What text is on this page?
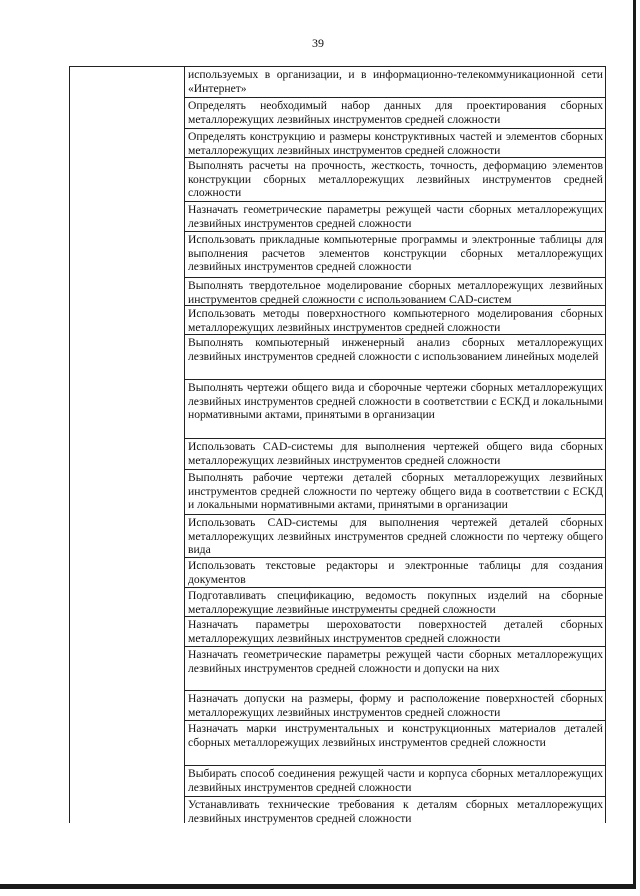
39
используемых в организации, и в информационно-телекоммуникационной сети «Интернет»
Определять необходимый набор данных для проектирования сборных металлорежущих лезвийных инструментов средней сложности
Определять конструкцию и размеры конструктивных частей и элементов сборных металлорежущих лезвийных инструментов средней сложности
Выполнять расчеты на прочность, жесткость, точность, деформацию элементов конструкции сборных металлорежущих лезвийных инструментов средней сложности
Назначать геометрические параметры режущей части сборных металлорежущих лезвийных инструментов средней сложности
Использовать прикладные компьютерные программы и электронные таблицы для выполнения расчетов элементов конструкции сборных металлорежущих лезвийных инструментов средней сложности
Выполнять твердотельное моделирование сборных металлорежущих лезвийных инструментов средней сложности с использованием CAD-систем
Использовать методы поверхностного компьютерного моделирования сборных металлорежущих лезвийных инструментов средней сложности
Выполнять компьютерный инженерный анализ сборных металлорежущих лезвийных инструментов средней сложности с использованием линейных моделей
Выполнять чертежи общего вида и сборочные чертежи сборных металлорежущих лезвийных инструментов средней сложности в соответствии с ЕСКД и локальными нормативными актами, принятыми в организации
Использовать CAD-системы для выполнения чертежей общего вида сборных металлорежущих лезвийных инструментов средней сложности
Выполнять рабочие чертежи деталей сборных металлорежущих лезвийных инструментов средней сложности по чертежу общего вида в соответствии с ЕСКД и локальными нормативными актами, принятыми в организации
Использовать CAD-системы для выполнения чертежей деталей сборных металлорежущих лезвийных инструментов средней сложности по чертежу общего вида
Использовать текстовые редакторы и электронные таблицы для создания документов
Подготавливать спецификацию, ведомость покупных изделий на сборные металлорежущие лезвийные инструменты средней сложности
Назначать параметры шероховатости поверхностей деталей сборных металлорежущих лезвийных инструментов средней сложности
Назначать геометрические параметры режущей части сборных металлорежущих лезвийных инструментов средней сложности и допуски на них
Назначать допуски на размеры, форму и расположение поверхностей сборных металлорежущих лезвийных инструментов средней сложности
Назначать марки инструментальных и конструкционных материалов деталей сборных металлорежущих лезвийных инструментов средней сложности
Выбирать способ соединения режущей части и корпуса сборных металлорежущих лезвийных инструментов средней сложности
Устанавливать технические требования к деталям сборных металлорежущих лезвийных инструментов средней сложности
